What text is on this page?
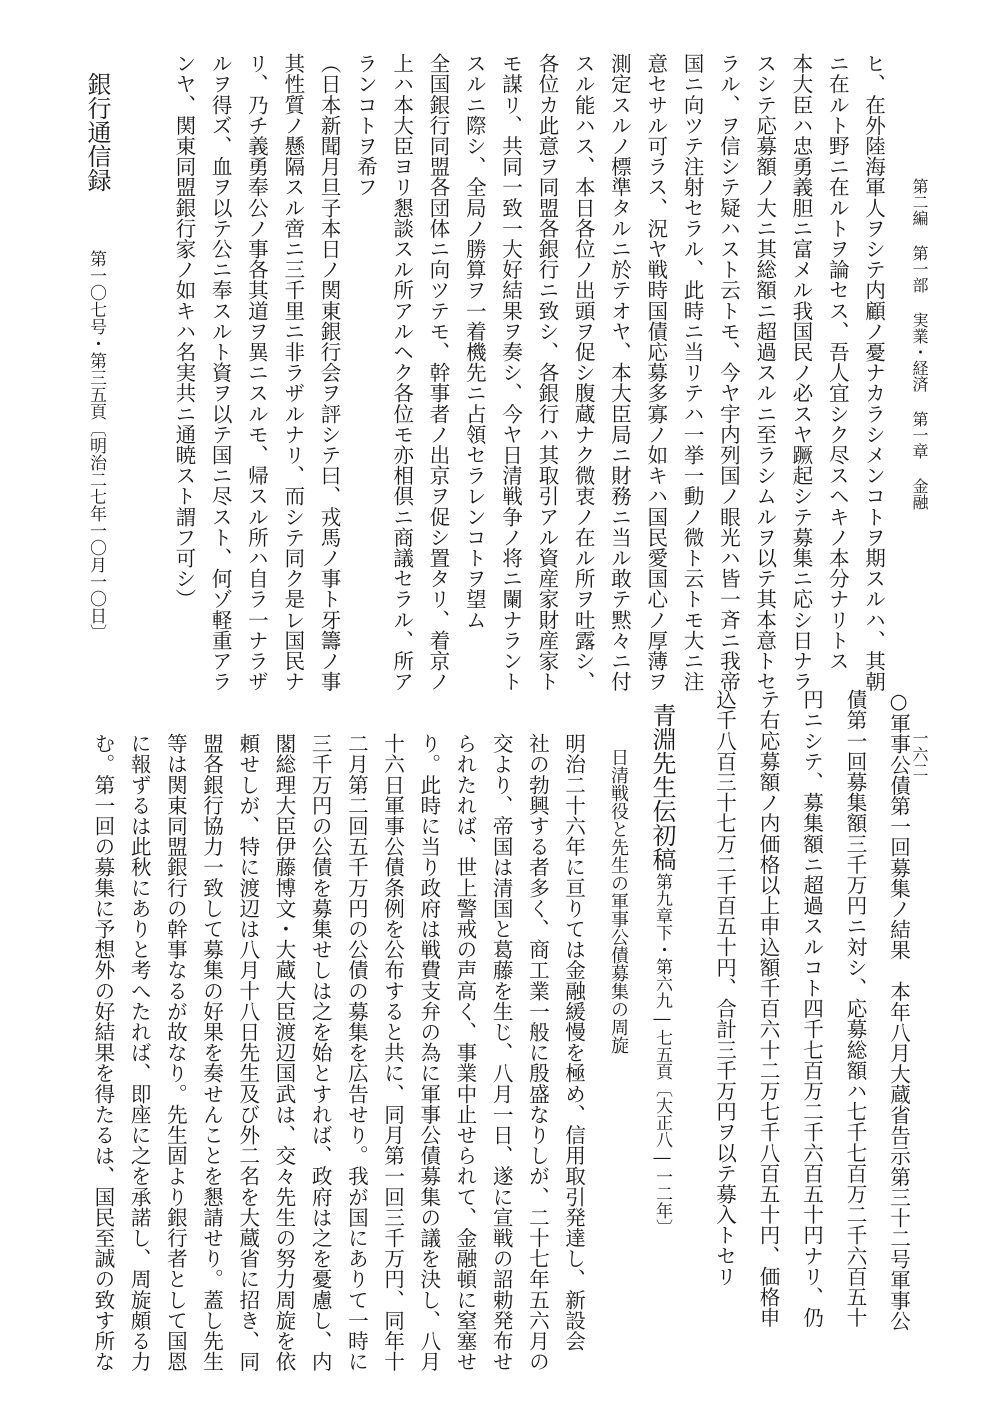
第二編 第一部 実業・経済 第一章 金融
一六二
ヒ、在外陸海軍人ヲシテ内顧ノ憂ナカラシメンコトヲ期スルハ、其朝
ニ在ルト野ニ在ルトヲ論セス、吾人宜シク尽スヘキノ本分ナリトス
本大臣ハ忠勇義胆ニ富メル我国民ノ必スヤ蹶起シテ募集ニ応シ日ナラ
スシテ応募額ノ大ニ其総額ニ超過スルニ至ラシムルヲ以テ其本意トセ
ラル、ヲ信シテ疑ハスト云トモ、今ヤ宇内列国ノ眼光ハ皆一斉ニ我帝
国ニ向ツテ注射セラル、此時ニ当リテハ一挙一動ノ微ト云トモ大ニ注
意セサル可ラス、況ヤ戦時国債応募多寡ノ如キハ国民愛国心ノ厚薄ヲ
測定スルノ標準タルニ於テオヤ、本大臣局ニ財務ニ当ル敢テ黙々ニ付
スル能ハス、本日各位ノ出頭ヲ促シ腹蔵ナク微衷ノ在ル所ヲ吐露シ、
各位カ此意ヲ同盟各銀行ニ致シ、各銀行ハ其取引アル資産家財産家ト
モ謀リ、共同一致一大好結果ヲ奏シ、今ヤ日清戦争ノ将ニ闌ナラント
スルニ際シ、全局ノ勝算ヲ一着機先ニ占領セラレンコトヲ望ム
全国銀行同盟各団体ニ向ツテモ、幹事者ノ出京ヲ促シ置タリ、着京ノ
上ハ本大臣ヨリ懇談スル所アルヘク各位モ亦相倶ニ商議セラル、所ア
ランコトヲ希フ
（日本新聞月旦子本日ノ関東銀行会ヲ評シテ曰、戎馬ノ事ト牙籌ノ事
其性質ノ懸隔スル啻ニ三千里ニ非ラザルナリ、而シテ同ク是レ国民ナ
リ、乃チ義勇奉公ノ事各其道ヲ異ニスルモ、帰スル所ハ自ラ一ナラザ
ルヲ得ズ、血ヲ以テ公ニ奉スルト資ヲ以テ国ニ尽スト、何ゾ軽重アラ
ンヤ、関東同盟銀行家ノ如キハ名実共ニ通暁スト謂フ可シ）
銀行通信録
第一〇七号・第三五頁
〔明治二七年一〇月一〇日〕
○軍事公債第一回募集ノ結果　本年八月大蔵省告示第三十二号軍事公
債第一回募集額三千万円ニ対シ、応募総額ハ七千七百万二千六百五十
円ニシテ、募集額ニ超過スルコト四千七百万二千六百五十円ナリ、仍
テ右応募額ノ内価格以上申込額千百六十二万七千八百五十円、価格申
込千八百三十七万二千百五十円、合計三千万円ヲ以テ募入トセリ
青淵先生伝初稿
第九章下・第六九―七五頁
〔大正八―一二年〕
日清戦役と先生の軍事公債募集の周旋
明治二十六年に亘りては金融緩慢を極め、信用取引発達し、新設会
社の勃興する者多く、商工業一般に殷盛なりしが、二十七年五六月の
交より、帝国は清国と葛藤を生じ、八月一日、遂に宣戦の詔勅発布せ
られたれば、世上警戒の声高く、事業中止せられて、金融頓に窒塞せ
り。此時に当り政府は戦費支弁の為に軍事公債募集の議を決し、八月
十六日軍事公債条例を公布すると共に、同月第一回三千万円、同年十
二月第二回五千万円の公債の募集を広告せり。我が国にありて一時に
三千万円の公債を募集せしは之を始とすれば、政府は之を憂慮し、内
閣総理大臣伊藤博文・大蔵大臣渡辺国武は、交々先生の努力周旋を依
頼せしが、特に渡辺は八月十八日先生及び外二名を大蔵省に招き、同
盟各銀行協力一致して募集の好果を奏せんことを懇請せり。蓋し先生
等は関東同盟銀行の幹事なるが故なり。先生固より銀行者として国恩
に報ずるは此秋にありと考へたれば、即座に之を承諾し、周旋頗る力
む。第一回の募集に予想外の好結果を得たるは、国民至誠の致す所な
